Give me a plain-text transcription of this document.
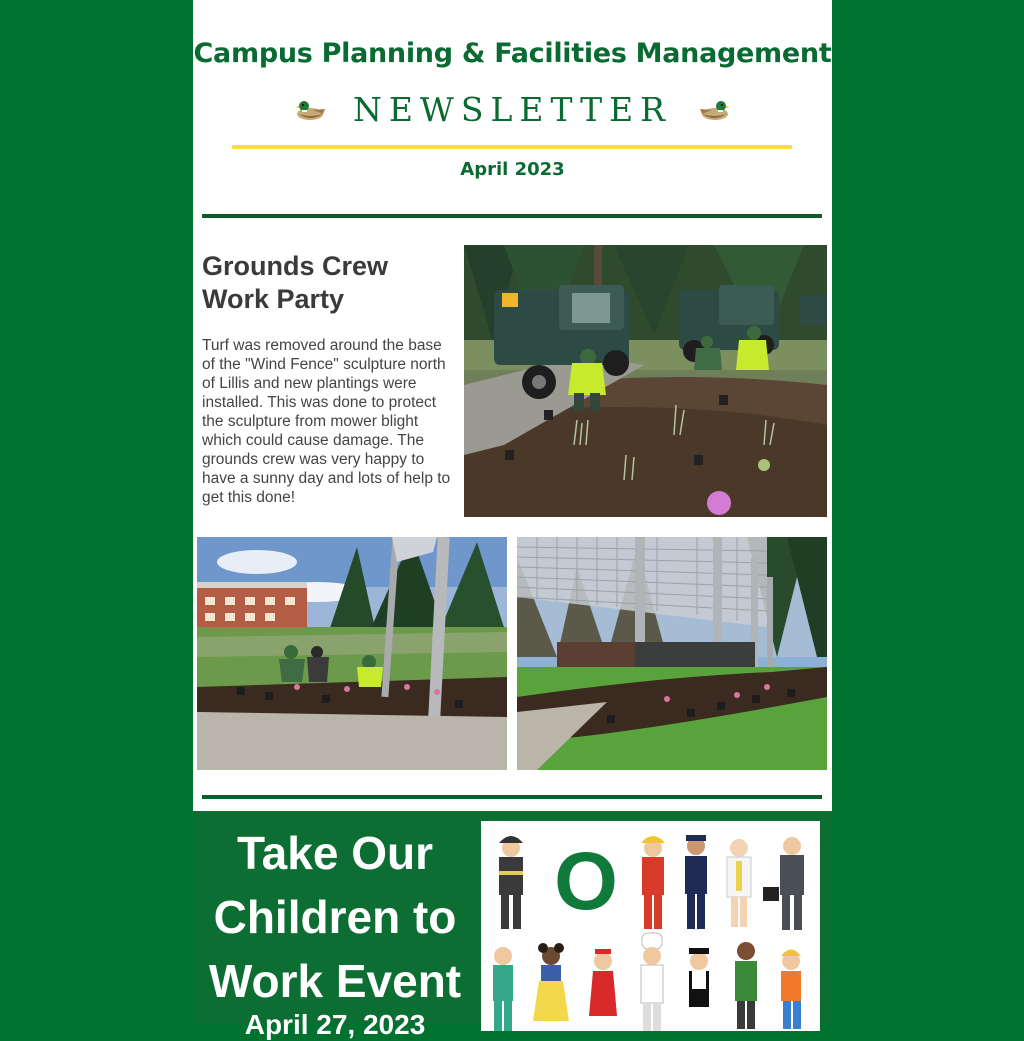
Campus Planning & Facilities Management
NEWSLETTER
April 2023
Grounds Crew Work Party

Turf was removed around the base of the "Wind Fence" sculpture north of Lillis and new plantings were installed. This was done to protect the sculpture from mower blight which could cause damage. The grounds crew was very happy to have a sunny day and lots of help to get this done!

Take Our Children to Work Event
April 27, 2023
O
